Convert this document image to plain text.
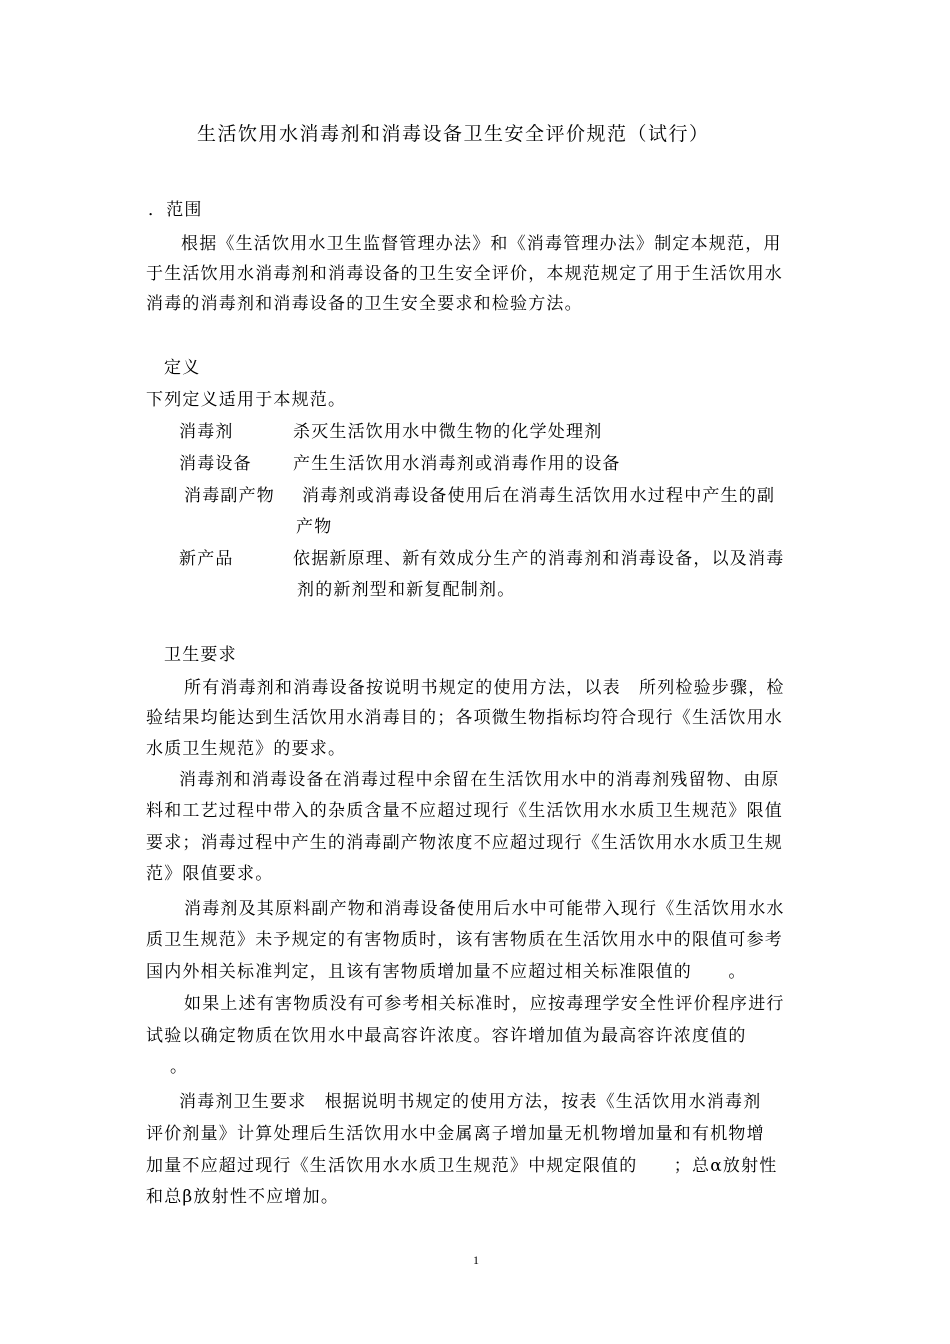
生活饮用水消毒剂和消毒设备卫生安全评价规范（试行）
．范围
根据《生活饮用水卫生监督管理办法》和《消毒管理办法》制定本规范，用
于生活饮用水消毒剂和消毒设备的卫生安全评价，本规范规定了用于生活饮用水
消毒的消毒剂和消毒设备的卫生安全要求和检验方法。
定义
下列定义适用于本规范。
消毒剂	杀灭生活饮用水中微生物的化学处理剂
消毒设备 产生生活饮用水消毒剂或消毒作用的设备
消毒副产物 消毒剂或消毒设备使用后在消毒生活饮用水过程中产生的副
产物
新产品	依据新原理、新有效成分生产的消毒剂和消毒设备，以及消毒
剂的新剂型和新复配制剂。
卫生要求
所有消毒剂和消毒设备按说明书规定的使用方法，以表　所列检验步骤，检
验结果均能达到生活饮用水消毒目的；各项微生物指标均符合现行《生活饮用水
水质卫生规范》的要求。
消毒剂和消毒设备在消毒过程中余留在生活饮用水中的消毒剂残留物、由原
料和工艺过程中带入的杂质含量不应超过现行《生活饮用水水质卫生规范》限值
要求；消毒过程中产生的消毒副产物浓度不应超过现行《生活饮用水水质卫生规
范》限值要求。
消毒剂及其原料副产物和消毒设备使用后水中可能带入现行《生活饮用水水
质卫生规范》未予规定的有害物质时，该有害物质在生活饮用水中的限值可参考
国内外相关标准判定，且该有害物质增加量不应超过相关标准限值的　　。
如果上述有害物质没有可参考相关标准时，应按毒理学安全性评价程序进行
试验以确定物质在饮用水中最高容许浓度。容许增加值为最高容许浓度值的
。
消毒剂卫生要求　根据说明书规定的使用方法，按表《生活饮用水消毒剂
评价剂量》计算处理后生活饮用水中金属离子增加量无机物增加量和有机物增
加量不应超过现行《生活饮用水水质卫生规范》中规定限值的　　；总α放射性
和总β放射性不应增加。
1
